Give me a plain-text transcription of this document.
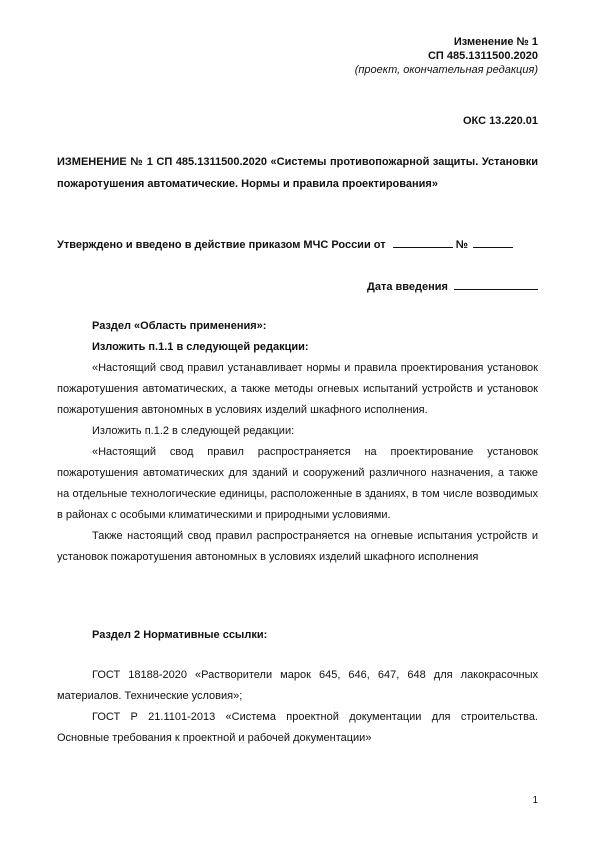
Изменение № 1
СП 485.1311500.2020
(проект, окончательная редакция)
ОКС 13.220.01
ИЗМЕНЕНИЕ № 1 СП 485.1311500.2020 «Системы противопожарной защиты. Установки пожаротушения автоматические. Нормы и правила проектирования»
Утверждено и введено в действие приказом МЧС России от	№
Дата введения

Раздел «Область применения»:

Изложить п.1.1 в следующей редакции:

«Настоящий свод правил устанавливает нормы и правила проектирования установок пожаротушения автоматических, а также методы огневых испытаний устройств и установок пожаротушения автономных в условиях изделий шкафного исполнения.

Изложить п.1.2 в следующей редакции:

«Настоящий свод правил распространяется на проектирование установок пожаротушения автоматических для зданий и сооружений различного назначения, а также на отдельные технологические единицы, расположенные в зданиях, в том числе возводимых в районах с особыми климатическими и природными условиями.

Также настоящий свод правил распространяется на огневые испытания устройств и установок пожаротушения автономных в условиях изделий шкафного исполнения

Раздел 2 Нормативные ссылки:

ГОСТ 18188-2020 «Растворители марок 645, 646, 647, 648 для лакокрасочных материалов. Технические условия»;

ГОСТ Р 21.1101-2013 «Система проектной документации для строительства. Основные требования к проектной и рабочей документации»

1
